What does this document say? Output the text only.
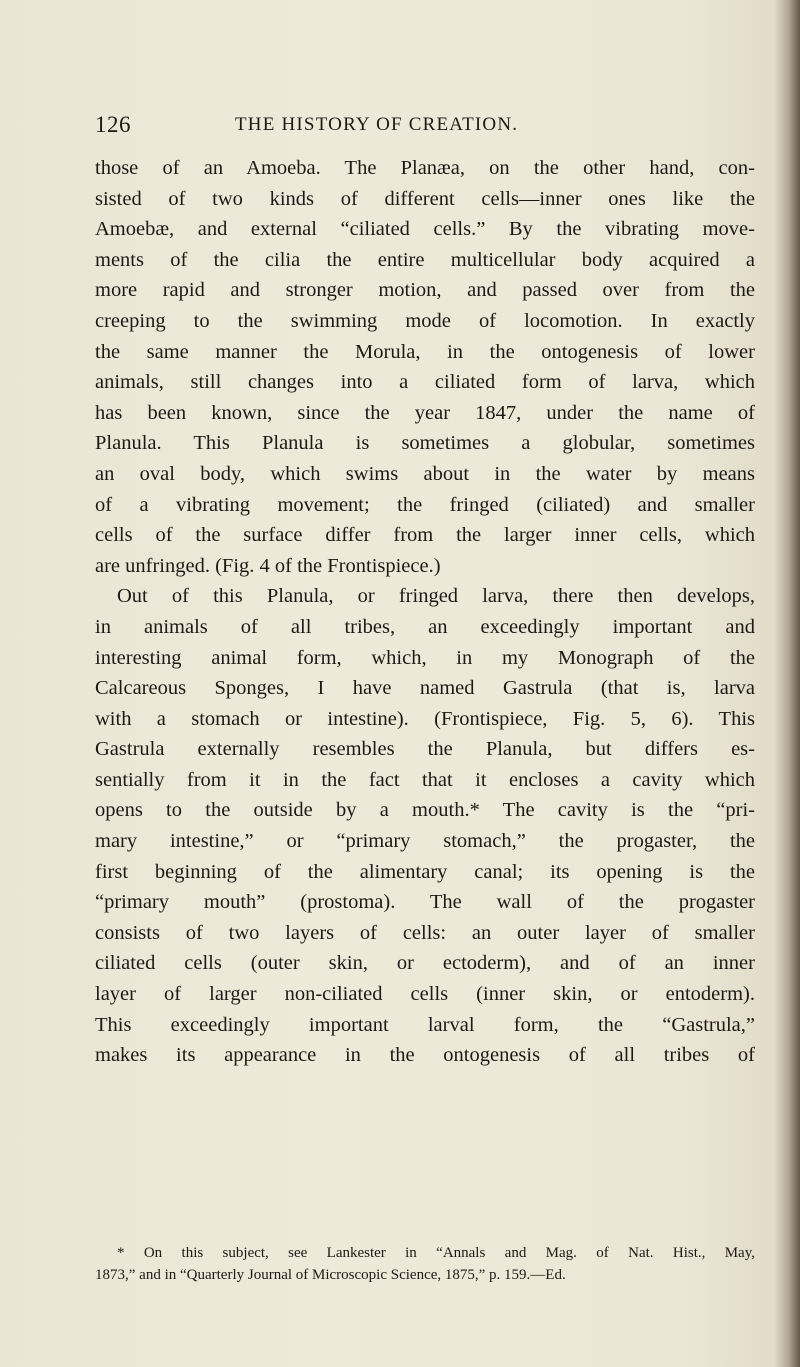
126	THE HISTORY OF CREATION.
those of an Amoeba. The Planæa, on the other hand, con-
sisted of two kinds of different cells—inner ones like the
Amoebæ, and external “ciliated cells.” By the vibrating move-
ments of the cilia the entire multicellular body acquired a
more rapid and stronger motion, and passed over from the
creeping to the swimming mode of locomotion. In exactly
the same manner the Morula, in the ontogenesis of lower
animals, still changes into a ciliated form of larva, which
has been known, since the year 1847, under the name of
Planula. This Planula is sometimes a globular, sometimes
an oval body, which swims about in the water by means
of a vibrating movement; the fringed (ciliated) and smaller
cells of the surface differ from the larger inner cells, which
are unfringed. (Fig. 4 of the Frontispiece.)
Out of this Planula, or fringed larva, there then develops,
in animals of all tribes, an exceedingly important and
interesting animal form, which, in my Monograph of the
Calcareous Sponges, I have named Gastrula (that is, larva
with a stomach or intestine). (Frontispiece, Fig. 5, 6). This
Gastrula externally resembles the Planula, but differs es-
sentially from it in the fact that it encloses a cavity which
opens to the outside by a mouth.* The cavity is the “pri-
mary intestine,” or “primary stomach,” the progaster, the
first beginning of the alimentary canal; its opening is the
“primary mouth” (prostoma). The wall of the progaster
consists of two layers of cells: an outer layer of smaller
ciliated cells (outer skin, or ectoderm), and of an inner
layer of larger non-ciliated cells (inner skin, or entoderm).
This exceedingly important larval form, the “Gastrula,”
makes its appearance in the ontogenesis of all tribes of
* On this subject, see Lankester in “Annals and Mag. of Nat. Hist., May,
1873,” and in “Quarterly Journal of Microscopic Science, 1875,” p. 159.—Ed.
